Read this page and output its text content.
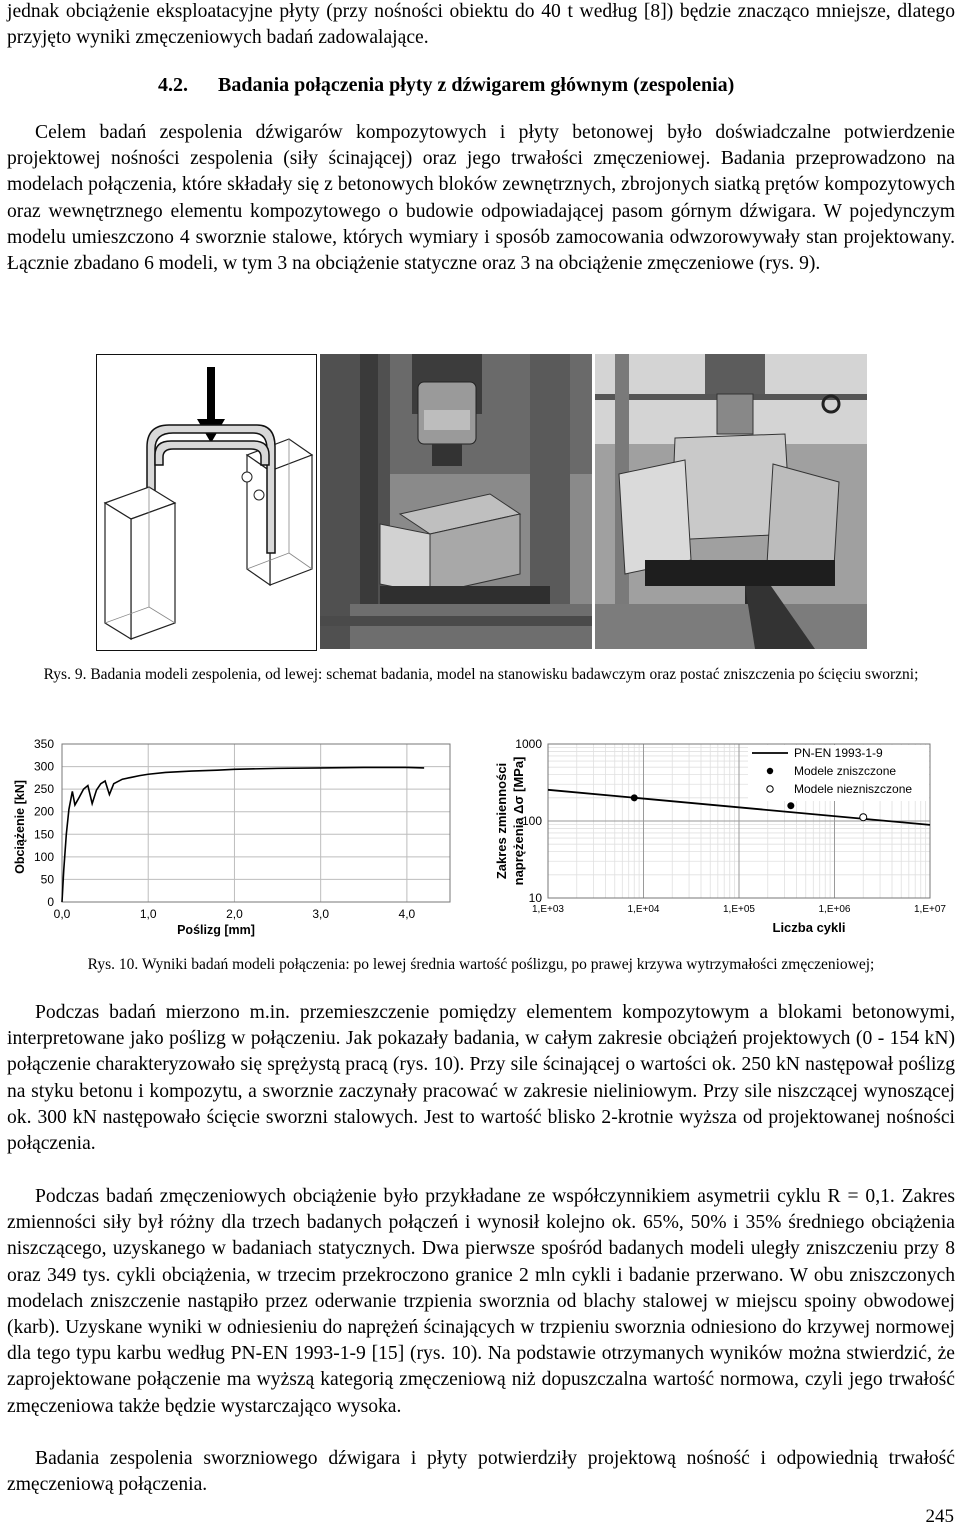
jednak obciążenie eksploatacyjne płyty (przy nośności obiektu do 40 t według [8]) będzie znacząco mniejsze, dlatego przyjęto wyniki zmęczeniowych badań zadowalające.
4.2. Badania połączenia płyty z dźwigarem głównym (zespolenia)
Celem badań zespolenia dźwigarów kompozytowych i płyty betonowej było doświadczalne potwierdzenie projektowej nośności zespolenia (siły ścinającej) oraz jego trwałości zmęczeniowej. Badania przeprowadzono na modelach połączenia, które składały się z betonowych bloków zewnętrznych, zbrojonych siatką prętów kompozytowych oraz wewnętrznego elementu kompozytowego o budowie odpowiadającej pasom górnym dźwigara. W pojedynczym modelu umieszczono 4 sworznie stalowe, których wymiary i sposób zamocowania odwzorowywały stan projektowany. Łącznie zbadano 6 modeli, w tym 3 na obciążenie statyczne oraz 3 na obciążenie zmęczeniowe (rys. 9).
Rys. 9. Badania modeli zespolenia, od lewej: schemat badania, model na stanowisku badawczym oraz postać zniszczenia po ścięciu sworzni;
0
50
100
150
200
250
300
350
0,0	1,0	2,0	3,0	4,0
Poślizg [mm]
Obciążenie [kN]
10
100
1000
1,E+03	1,E+04	1,E+05	1,E+06	1,E+07
PN-EN 1993-1-9
Modele zniszczone
Modele niezniszczone
Liczba cykli
Zakres zmienności naprężenia Δσ [MPa]
Rys. 10. Wyniki badań modeli połączenia: po lewej średnia wartość poślizgu, po prawej krzywa wytrzymałości zmęczeniowej;
Podczas badań mierzono m.in. przemieszczenie pomiędzy elementem kompozytowym a blokami betonowymi, interpretowane jako poślizg w połączeniu. Jak pokazały badania, w całym zakresie obciążeń projektowych (0 - 154 kN) połączenie charakteryzowało się sprężystą pracą (rys. 10). Przy sile ścinającej o wartości ok. 250 kN następował poślizg na styku betonu i kompozytu, a sworznie zaczynały pracować w zakresie nieliniowym. Przy sile niszczącej wynoszącej ok. 300 kN następowało ścięcie sworzni stalowych. Jest to wartość blisko 2-krotnie wyższa od projektowanej nośności połączenia.
Podczas badań zmęczeniowych obciążenie było przykładane ze współczynnikiem asymetrii cyklu R = 0,1. Zakres zmienności siły był różny dla trzech badanych połączeń i wynosił kolejno ok. 65%, 50% i 35% średniego obciążenia niszczącego, uzyskanego w badaniach statycznych. Dwa pierwsze spośród badanych modeli uległy zniszczeniu przy 8 oraz 349 tys. cykli obciążenia, w trzecim przekroczono granice 2 mln cykli i badanie przerwano. W obu zniszczonych modelach zniszczenie nastąpiło przez oderwanie trzpienia sworznia od blachy stalowej w miejscu spoiny obwodowej (karb). Uzyskane wyniki w odniesieniu do naprężeń ścinających w trzpieniu sworznia odniesiono do krzywej normowej dla tego typu karbu według PN-EN 1993-1-9 [15] (rys. 10). Na podstawie otrzymanych wyników można stwierdzić, że zaprojektowane połączenie ma wyższą kategorią zmęczeniową niż dopuszczalna wartość normowa, czyli jego trwałość zmęczeniowa także będzie wystarczająco wysoka.
Badania zespolenia sworzniowego dźwigara i płyty potwierdziły projektową nośność i odpowiednią trwałość zmęczeniową połączenia.
245
